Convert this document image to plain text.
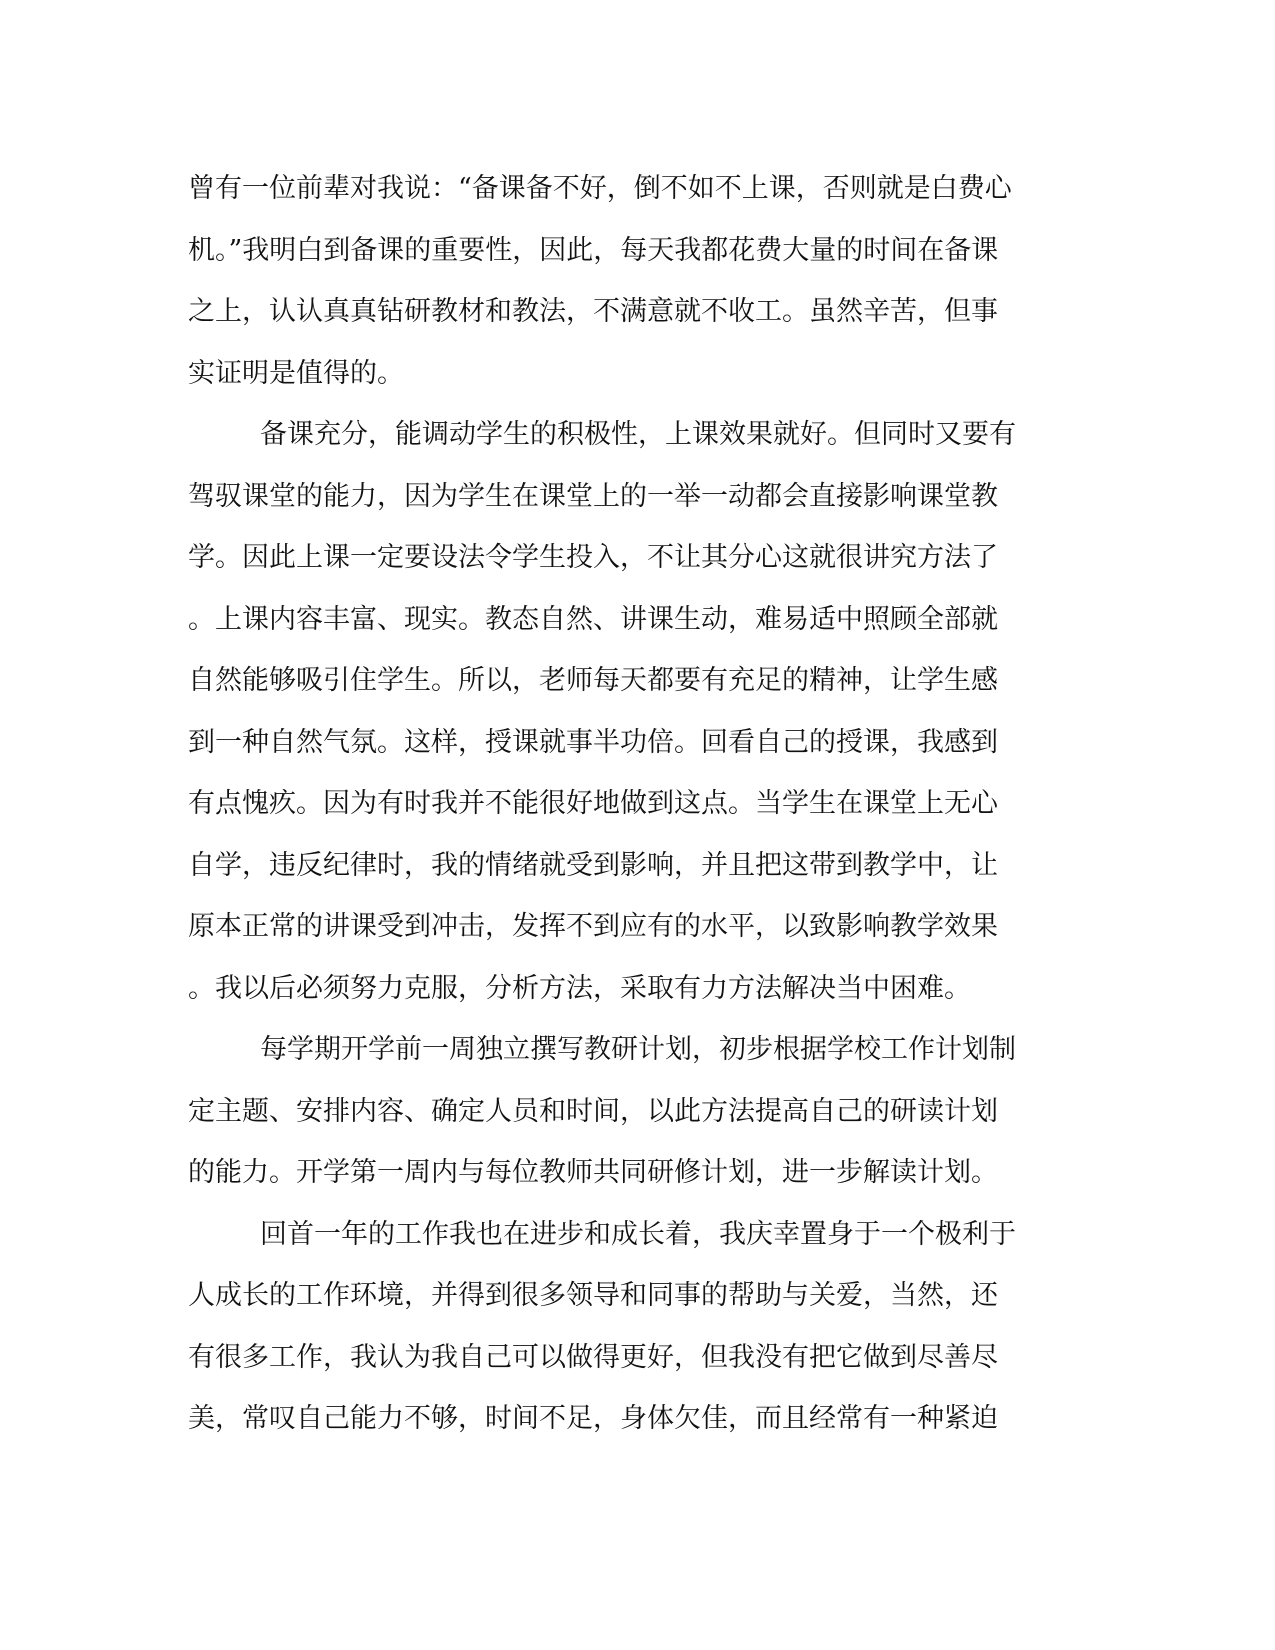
曾有一位前辈对我说：“备课备不好，倒不如不上课，否则就是白费心
机。”我明白到备课的重要性，因此，每天我都花费大量的时间在备课
之上，认认真真钻研教材和教法，不满意就不收工。虽然辛苦，但事
实证明是值得的。
备课充分，能调动学生的积极性，上课效果就好。但同时又要有
驾驭课堂的能力，因为学生在课堂上的一举一动都会直接影响课堂教
学。因此上课一定要设法令学生投入，不让其分心这就很讲究方法了
。上课内容丰富、现实。教态自然、讲课生动，难易适中照顾全部就
自然能够吸引住学生。所以，老师每天都要有充足的精神，让学生感
到一种自然气氛。这样，授课就事半功倍。回看自己的授课，我感到
有点愧疚。因为有时我并不能很好地做到这点。当学生在课堂上无心
自学，违反纪律时，我的情绪就受到影响，并且把这带到教学中，让
原本正常的讲课受到冲击，发挥不到应有的水平，以致影响教学效果
。我以后必须努力克服，分析方法，采取有力方法解决当中困难。
每学期开学前一周独立撰写教研计划，初步根据学校工作计划制
定主题、安排内容、确定人员和时间，以此方法提高自己的研读计划
的能力。开学第一周内与每位教师共同研修计划，进一步解读计划。
回首一年的工作我也在进步和成长着，我庆幸置身于一个极利于
人成长的工作环境，并得到很多领导和同事的帮助与关爱，当然，还
有很多工作，我认为我自己可以做得更好，但我没有把它做到尽善尽
美，常叹自己能力不够，时间不足，身体欠佳，而且经常有一种紧迫
